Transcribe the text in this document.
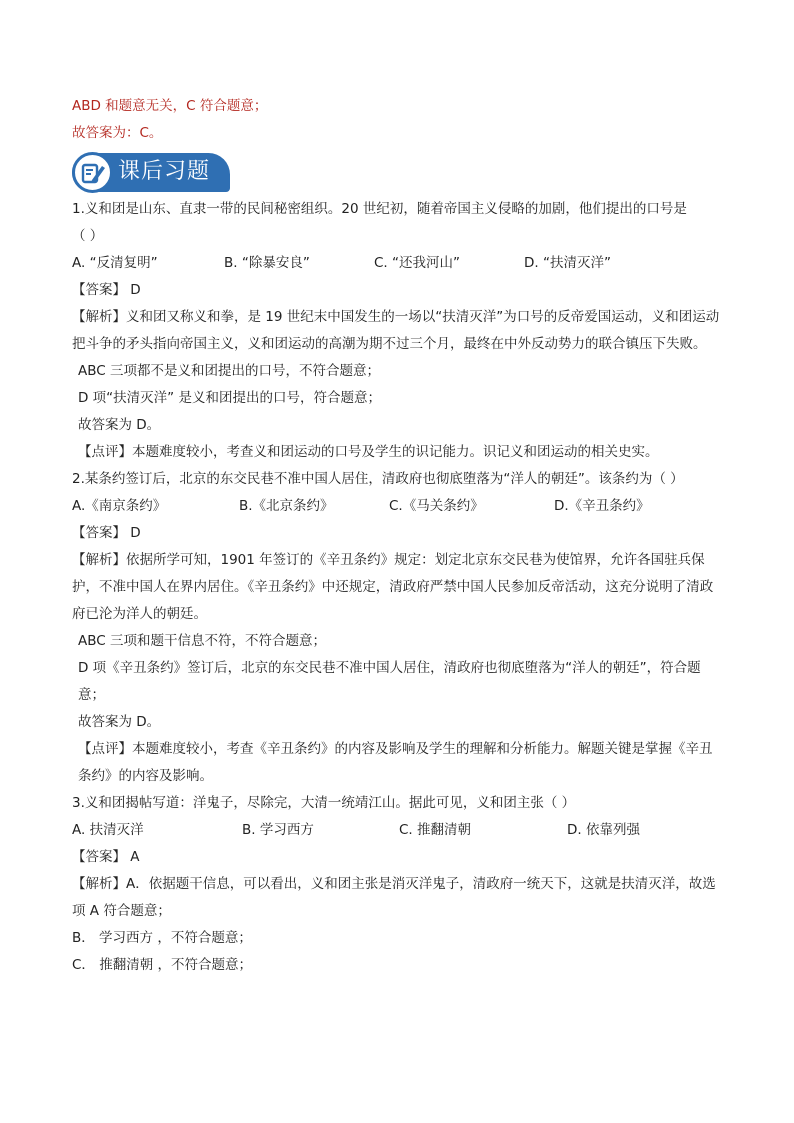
ABD 和题意无关，C 符合题意；
故答案为：C。
课后习题
1.义和团是山东、直隶一带的民间秘密组织。20 世纪初，随着帝国主义侵略的加剧，他们提出的口号是
（ ）
A. “反清复明”	B. “除暴安良”	C. “还我河山”	D. “扶清灭洋”
【答案】 D
【解析】义和团又称义和拳，是 19 世纪末中国发生的一场以“扶清灭洋”为口号的反帝爱国运动，义和团运动把斗争的矛头指向帝国主义，义和团运动的高潮为期不过三个月，最终在中外反动势力的联合镇压下失败。
ABC 三项都不是义和团提出的口号，不符合题意；
D 项“扶清灭洋” 是义和团提出的口号，符合题意；
故答案为 D。
【点评】本题难度较小，考查义和团运动的口号及学生的识记能力。识记义和团运动的相关史实。
2.某条约签订后，北京的东交民巷不准中国人居住，清政府也彻底堕落为“洋人的朝廷”。该条约为（ ）
A.《南京条约》	B.《北京条约》	C.《马关条约》	D.《辛丑条约》
【答案】 D
【解析】依据所学可知，1901 年签订的《辛丑条约》规定：划定北京东交民巷为使馆界，允许各国驻兵保护，不准中国人在界内居住。《辛丑条约》中还规定，清政府严禁中国人民参加反帝活动，这充分说明了清政府已沦为洋人的朝廷。
ABC 三项和题干信息不符，不符合题意；
D 项《辛丑条约》签订后，北京的东交民巷不准中国人居住，清政府也彻底堕落为“洋人的朝廷”，符合题意；
故答案为 D。
【点评】本题难度较小，考查《辛丑条约》的内容及影响及学生的理解和分析能力。解题关键是掌握《辛丑条约》的内容及影响。
3.义和团揭帖写道：洋鬼子，尽除完，大清一统靖江山。据此可见，义和团主张（ ）
A. 扶清灭洋	B. 学习西方	C. 推翻清朝	D. 依靠列强
【答案】 A
【解析】A．依据题干信息，可以看出，义和团主张是消灭洋鬼子，清政府一统天下，这就是扶清灭洋，故选项 A 符合题意；
B． 学习西方 ，不符合题意；
C． 推翻清朝 ，不符合题意；
